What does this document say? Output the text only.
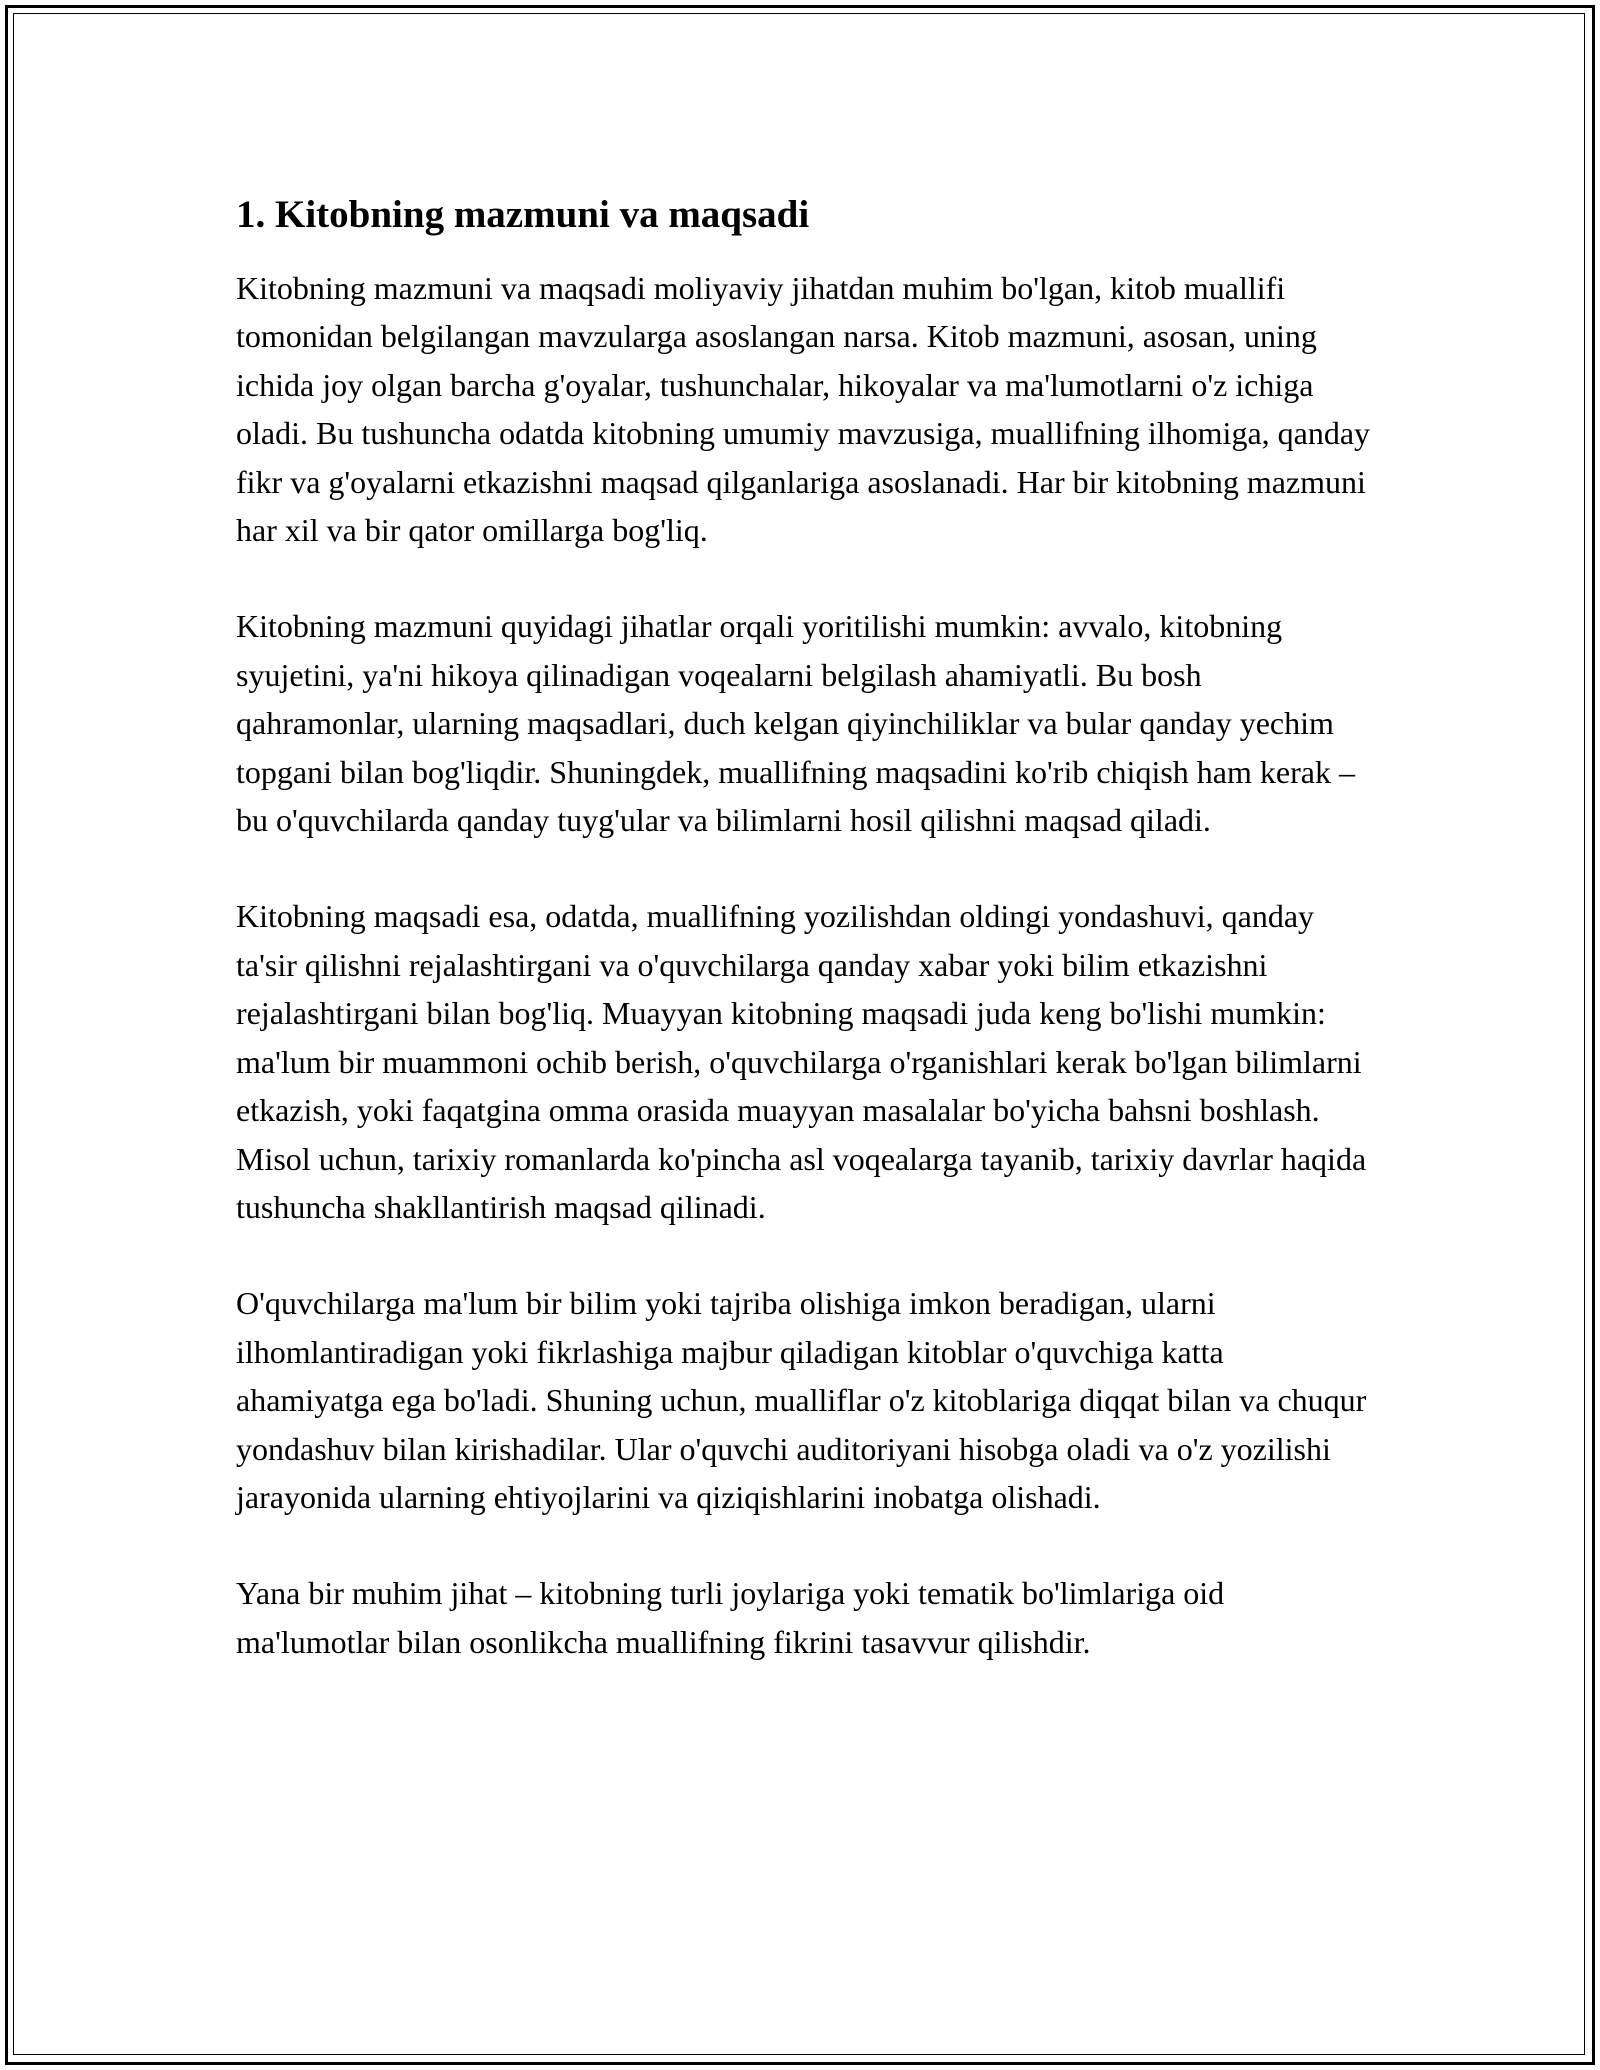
1. Kitobning mazmuni va maqsadi

Kitobning mazmuni va maqsadi moliyaviy jihatdan muhim bo'lgan, kitob muallifi tomonidan belgilangan mavzularga asoslangan narsa. Kitob mazmuni, asosan, uning ichida joy olgan barcha g'oyalar, tushunchalar, hikoyalar va ma'lumotlarni o'z ichiga oladi. Bu tushuncha odatda kitobning umumiy mavzusiga, muallifning ilhomiga, qanday fikr va g'oyalarni etkazishni maqsad qilganlariga asoslanadi. Har bir kitobning mazmuni har xil va bir qator omillarga bog'liq.

Kitobning mazmuni quyidagi jihatlar orqali yoritilishi mumkin: avvalo, kitobning syujetini, ya'ni hikoya qilinadigan voqealarni belgilash ahamiyatli. Bu bosh qahramonlar, ularning maqsadlari, duch kelgan qiyinchiliklar va bular qanday yechim topgani bilan bog'liqdir. Shuningdek, muallifning maqsadini ko'rib chiqish ham kerak – bu o'quvchilarda qanday tuyg'ular va bilimlarni hosil qilishni maqsad qiladi.

Kitobning maqsadi esa, odatda, muallifning yozilishdan oldingi yondashuvi, qanday ta'sir qilishni rejalashtirgani va o'quvchilarga qanday xabar yoki bilim etkazishni rejalashtirgani bilan bog'liq. Muayyan kitobning maqsadi juda keng bo'lishi mumkin: ma'lum bir muammoni ochib berish, o'quvchilarga o'rganishlari kerak bo'lgan bilimlarni etkazish, yoki faqatgina omma orasida muayyan masalalar bo'yicha bahsni boshlash. Misol uchun, tarixiy romanlarda ko'pincha asl voqealarga tayanib, tarixiy davrlar haqida tushuncha shakllantirish maqsad qilinadi.

O'quvchilarga ma'lum bir bilim yoki tajriba olishiga imkon beradigan, ularni ilhomlantiradigan yoki fikrlashiga majbur qiladigan kitoblar o'quvchiga katta ahamiyatga ega bo'ladi. Shuning uchun, mualliflar o'z kitoblariga diqqat bilan va chuqur yondashuv bilan kirishadilar. Ular o'quvchi auditoriyani hisobga oladi va o'z yozilishi jarayonida ularning ehtiyojlarini va qiziqishlarini inobatga olishadi.

Yana bir muhim jihat – kitobning turli joylariga yoki tematik bo'limlariga oid ma'lumotlar bilan osonlikcha muallifning fikrini tasavvur qilishdir.
